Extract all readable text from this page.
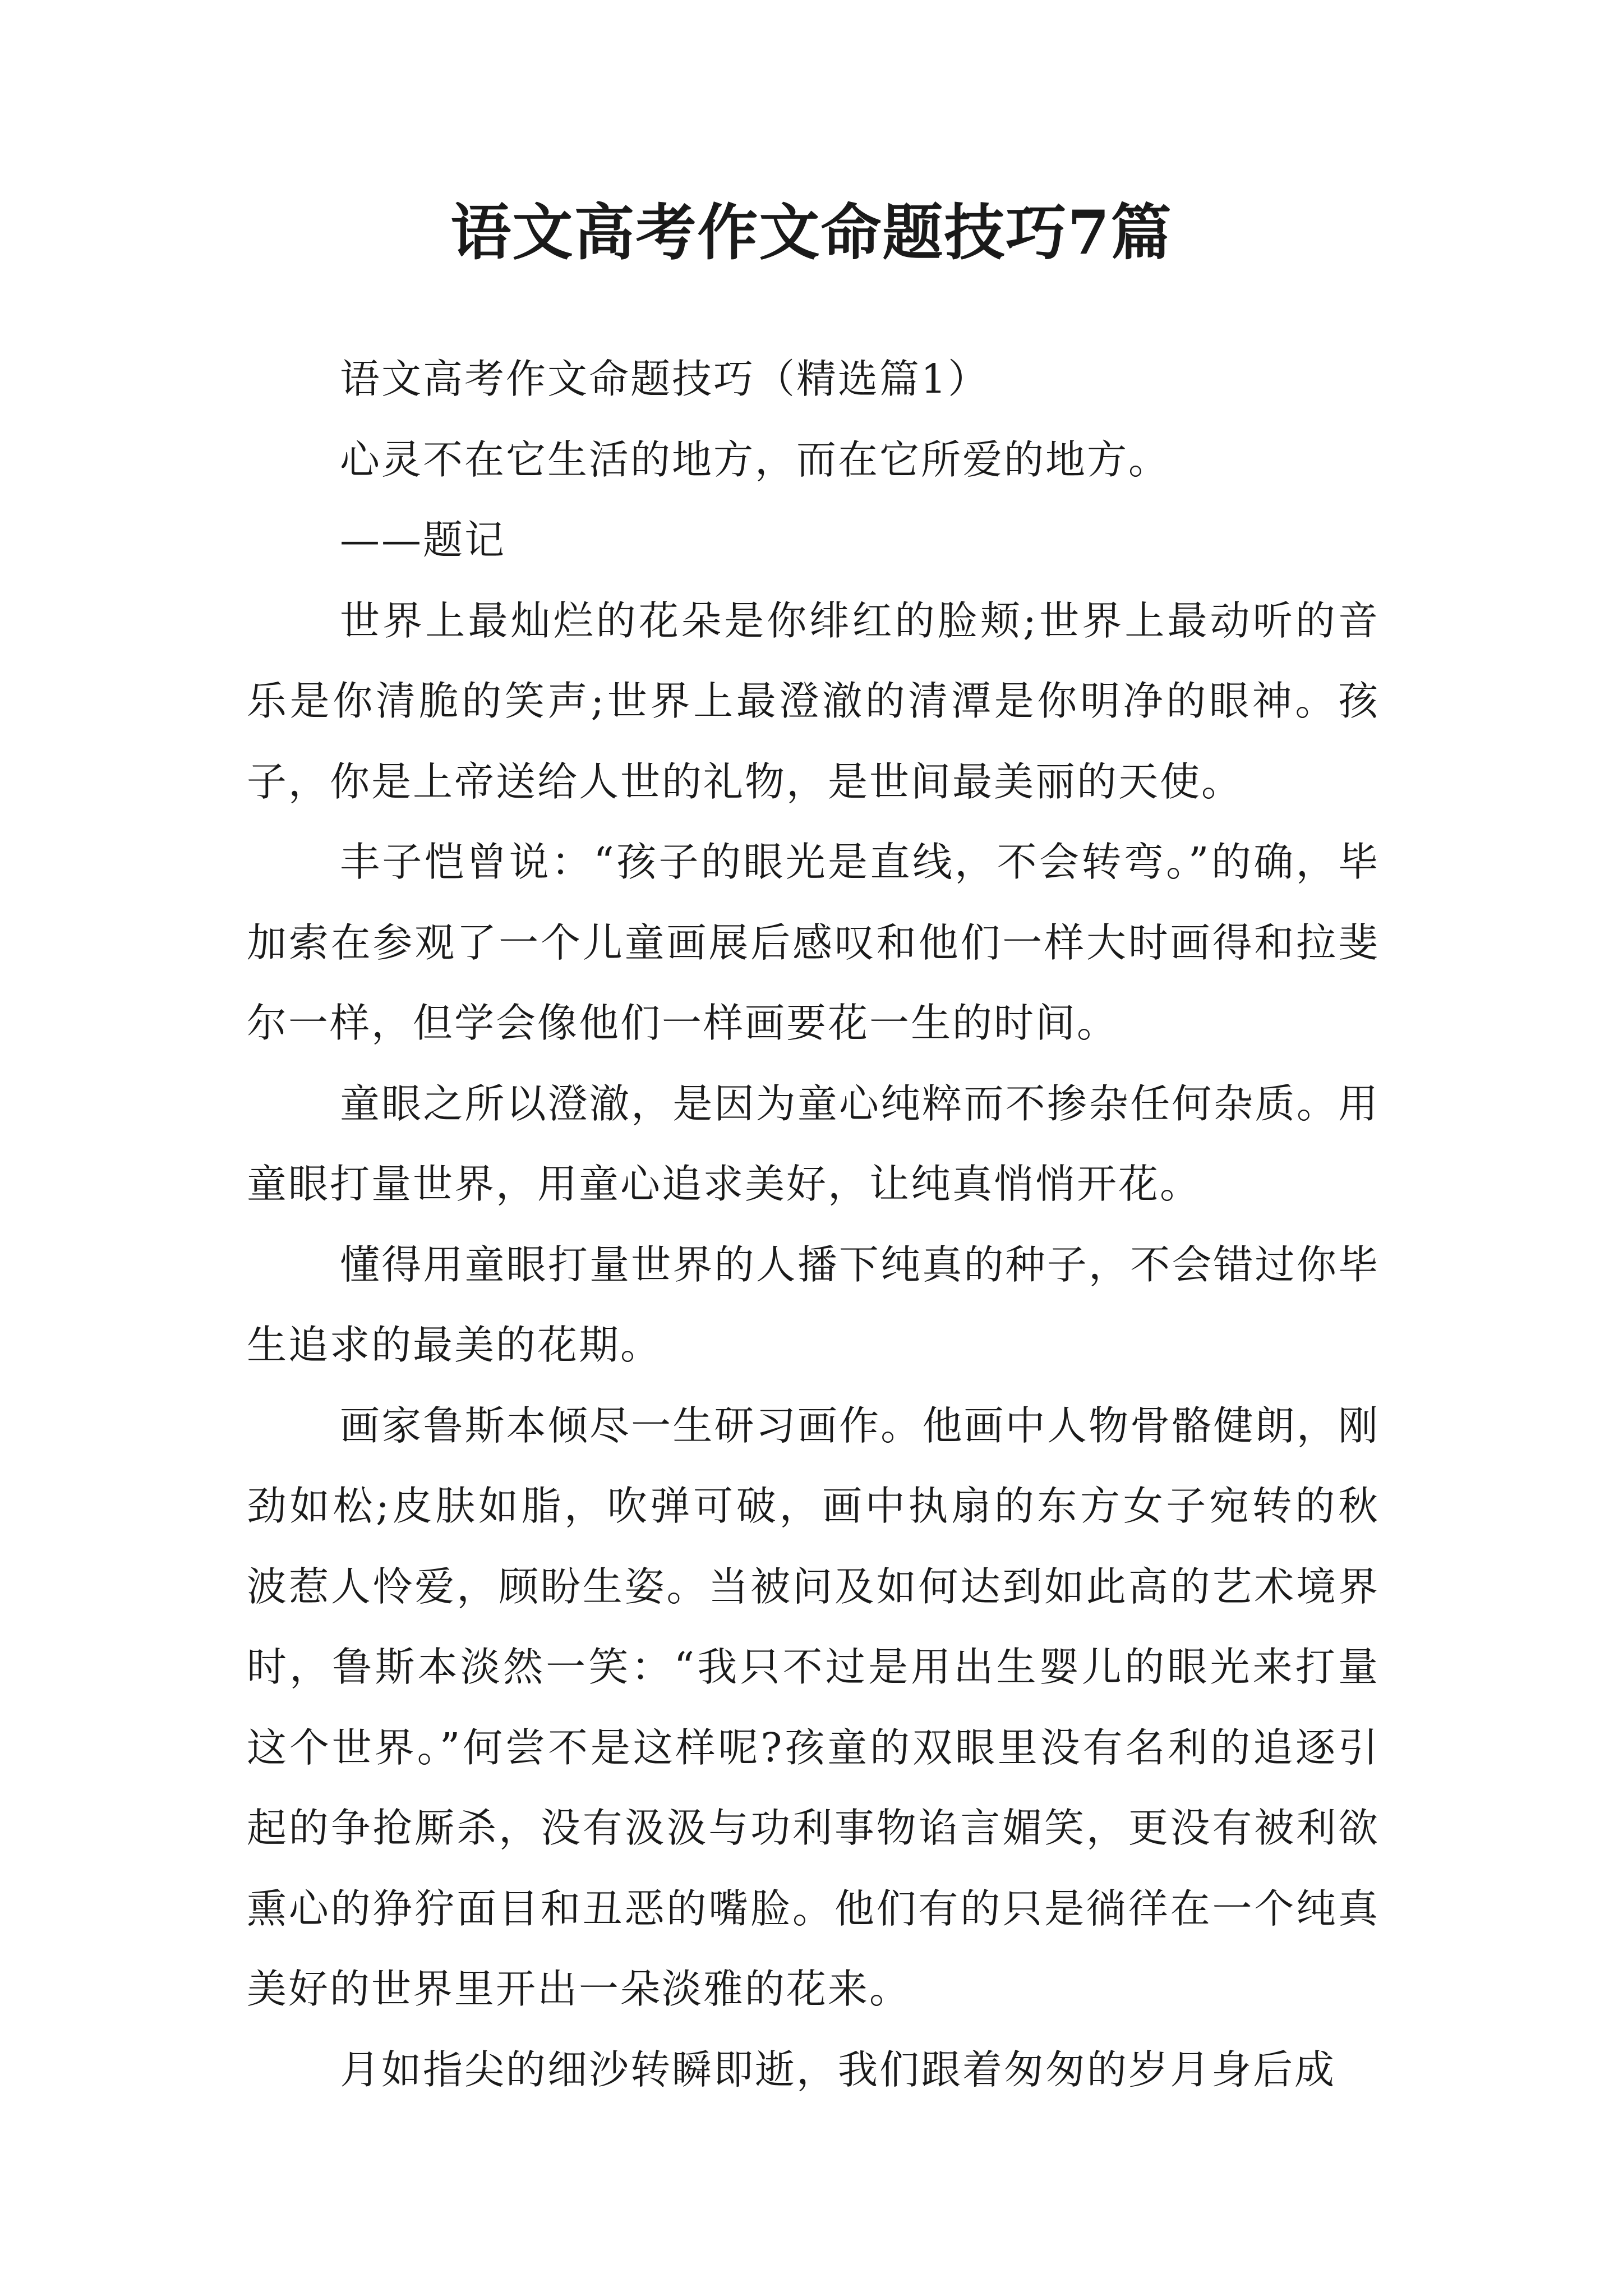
语文高考作文命题技巧7篇

语文高考作文命题技巧（精选篇1）

心灵不在它生活的地方，而在它所爱的地方。

——题记

世界上最灿烂的花朵是你绯红的脸颊;世界上最动听的音乐是你清脆的笑声;世界上最澄澈的清潭是你明净的眼神。孩子，你是上帝送给人世的礼物，是世间最美丽的天使。

丰子恺曾说：“孩子的眼光是直线，不会转弯。”的确，毕加索在参观了一个儿童画展后感叹和他们一样大时画得和拉斐尔一样，但学会像他们一样画要花一生的时间。

童眼之所以澄澈，是因为童心纯粹而不掺杂任何杂质。用童眼打量世界，用童心追求美好，让纯真悄悄开花。

懂得用童眼打量世界的人播下纯真的种子，不会错过你毕生追求的最美的花期。

画家鲁斯本倾尽一生研习画作。他画中人物骨骼健朗，刚劲如松;皮肤如脂，吹弹可破，画中执扇的东方女子宛转的秋波惹人怜爱，顾盼生姿。当被问及如何达到如此高的艺术境界时，鲁斯本淡然一笑：“我只不过是用出生婴儿的眼光来打量这个世界。”何尝不是这样呢?孩童的双眼里没有名利的追逐引起的争抢厮杀，没有汲汲与功利事物谄言媚笑，更没有被利欲熏心的狰狞面目和丑恶的嘴脸。他们有的只是徜徉在一个纯真美好的世界里开出一朵淡雅的花来。

月如指尖的细沙转瞬即逝，我们跟着匆匆的岁月身后成
